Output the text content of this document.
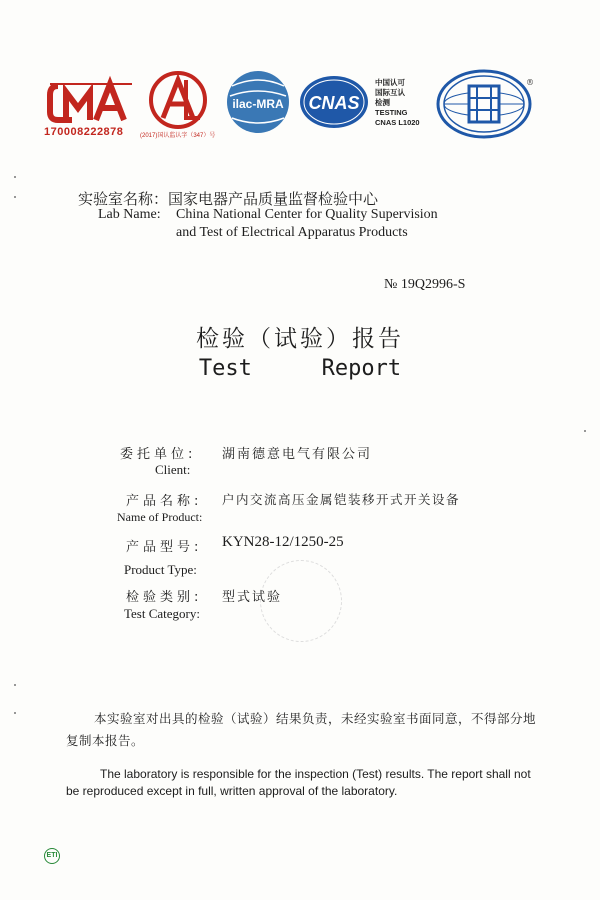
ilac-MRA CNAS
170008222878	(2017)国认监认字（347）号
中国认可
国际互认
检测
TESTING
CNAS L1020
®
实验室名称：国家电器产品质量监督检验中心
Lab Name: China National Center for Quality Supervision
and Test of Electrical Apparatus Products
№ 19Q2996-S
检验（试验）报告
Test   Report
委托单位: 湖南德意电气有限公司
Client:
产品名称: 户内交流高压金属铠装移开式开关设备
Name of Product:
产品型号: KYN28-12/1250-25
Product Type:
检验类别: 型式试验
Test Category:
本实验室对出具的检验（试验）结果负责，未经实验室书面同意，不得部分地复制本报告。
The laboratory is responsible for the inspection (Test) results. The report shall not be reproduced except in full, written approval of the laboratory.
ETI
